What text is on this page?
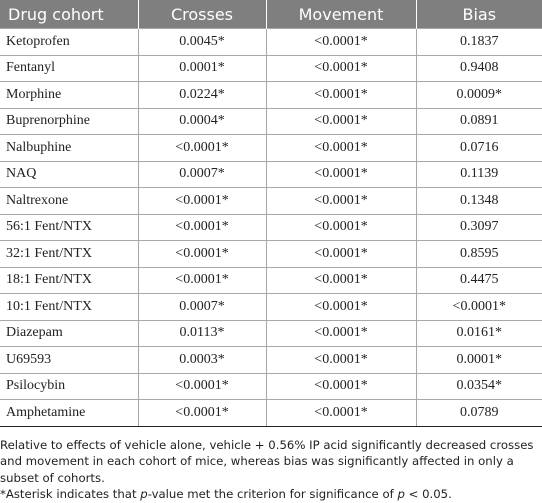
Drug cohort	Crosses	Movement	Bias
Ketoprofen	0.0045*	<0.0001*	0.1837
Fentanyl	0.0001*	<0.0001*	0.9408
Morphine	0.0224*	<0.0001*	0.0009*
Buprenorphine	0.0004*	<0.0001*	0.0891
Nalbuphine	<0.0001*	<0.0001*	0.0716
NAQ	0.0007*	<0.0001*	0.1139
Naltrexone	<0.0001*	<0.0001*	0.1348
56:1 Fent/NTX	<0.0001*	<0.0001*	0.3097
32:1 Fent/NTX	<0.0001*	<0.0001*	0.8595
18:1 Fent/NTX	<0.0001*	<0.0001*	0.4475
10:1 Fent/NTX	0.0007*	<0.0001*	<0.0001*
Diazepam	0.0113*	<0.0001*	0.0161*
U69593	0.0003*	<0.0001*	0.0001*
Psilocybin	<0.0001*	<0.0001*	0.0354*
Amphetamine	<0.0001*	<0.0001*	0.0789

Relative to effects of vehicle alone, vehicle + 0.56% IP acid significantly decreased crosses and movement in each cohort of mice, whereas bias was significantly affected in only a subset of cohorts.

*Asterisk indicates that p-value met the criterion for significance of p < 0.05.
